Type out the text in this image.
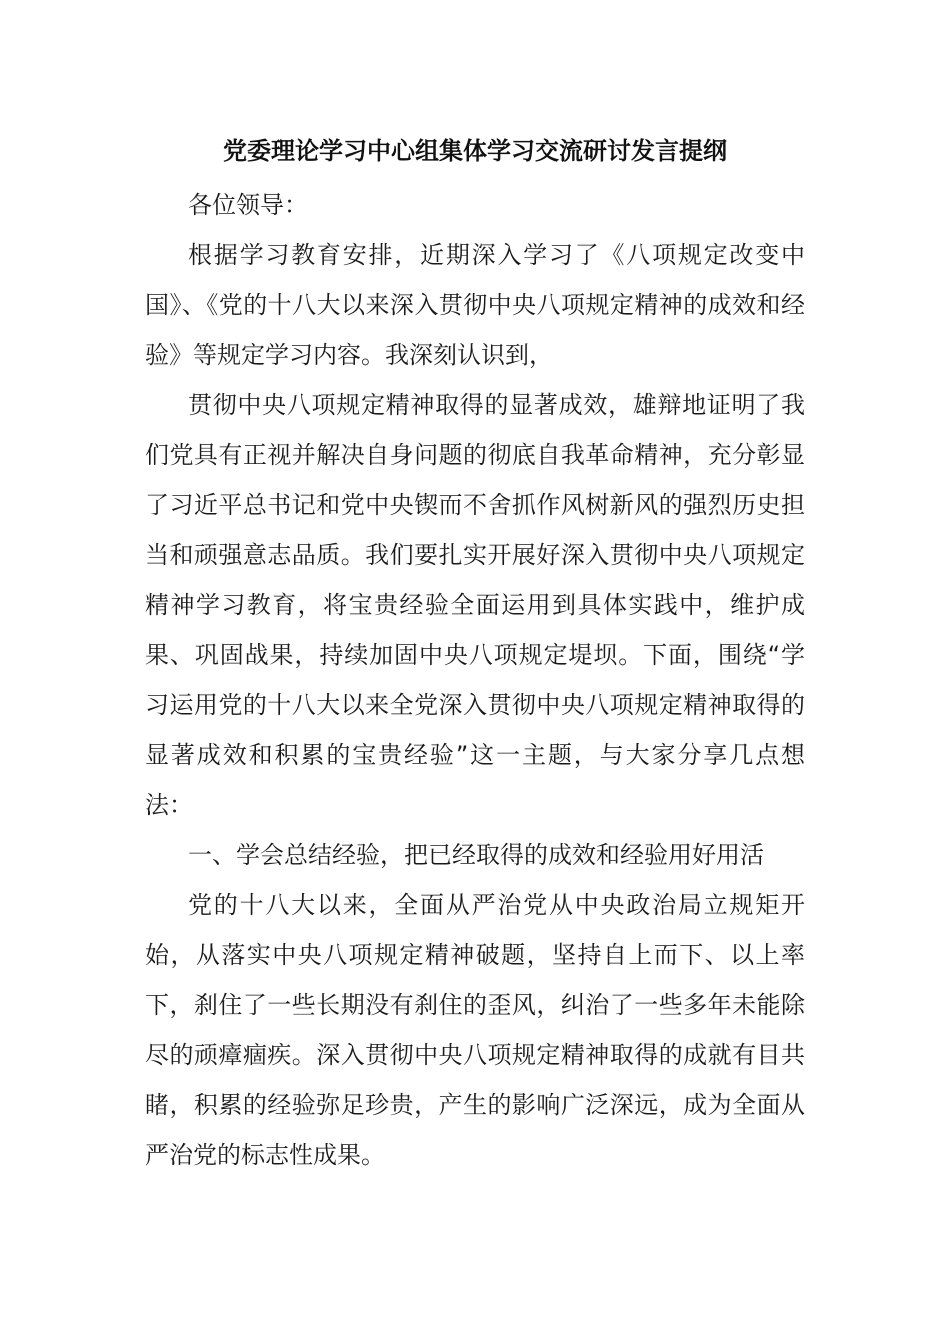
党委理论学习中心组集体学习交流研讨发言提纲

各位领导：

根据学习教育安排，近期深入学习了《八项规定改变中国》、《党的十八大以来深入贯彻中央八项规定精神的成效和经验》等规定学习内容。我深刻认识到，

贯彻中央八项规定精神取得的显著成效，雄辩地证明了我们党具有正视并解决自身问题的彻底自我革命精神，充分彰显了习近平总书记和党中央锲而不舍抓作风树新风的强烈历史担当和顽强意志品质。我们要扎实开展好深入贯彻中央八项规定精神学习教育，将宝贵经验全面运用到具体实践中，维护成果、巩固战果，持续加固中央八项规定堤坝。下面，围绕“学习运用党的十八大以来全党深入贯彻中央八项规定精神取得的显著成效和积累的宝贵经验”这一主题，与大家分享几点想法：

一、学会总结经验，把已经取得的成效和经验用好用活

党的十八大以来，全面从严治党从中央政治局立规矩开始，从落实中央八项规定精神破题，坚持自上而下、以上率下，刹住了一些长期没有刹住的歪风，纠治了一些多年未能除尽的顽瘴痼疾。深入贯彻中央八项规定精神取得的成就有目共睹，积累的经验弥足珍贵，产生的影响广泛深远，成为全面从严治党的标志性成果。
